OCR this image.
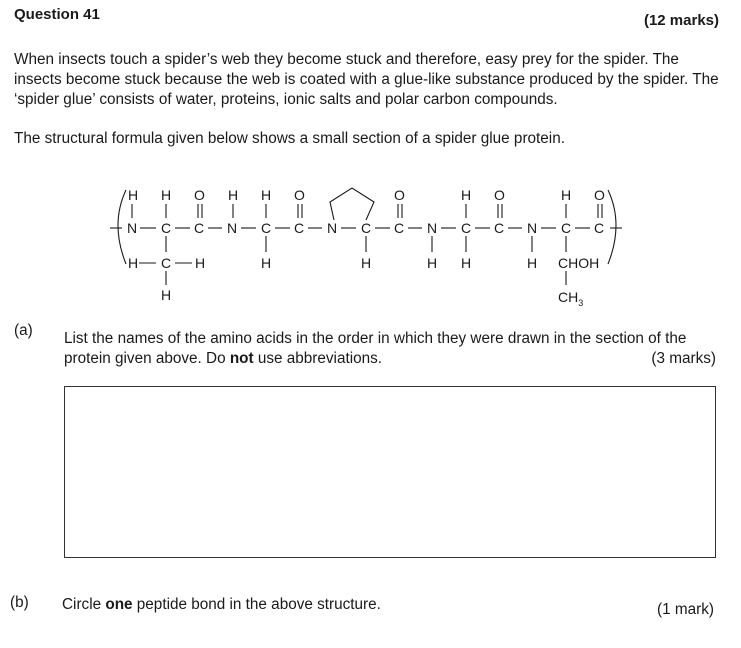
Question 41	(12 marks)
When insects touch a spider’s web they become stuck and therefore, easy prey for the spider. The insects become stuck because the web is coated with a glue-like substance produced by the spider. The ‘spider glue’ consists of water, proteins, ionic salts and polar carbon compounds.
The structural formula given below shows a small section of a spider glue protein.
H
N
H
C
H C H
H
O
C
H
N
H
C
H
O
C N C
H
O
C N
H
H
C
H
O
C N
H
H
C
CHOH
$CH_3$
O
C
(a) List the names of the amino acids in the order in which they were drawn in the section of the protein given above. Do not use abbreviations.	(3 marks)
(b) Circle one peptide bond in the above structure.	(1 mark)
